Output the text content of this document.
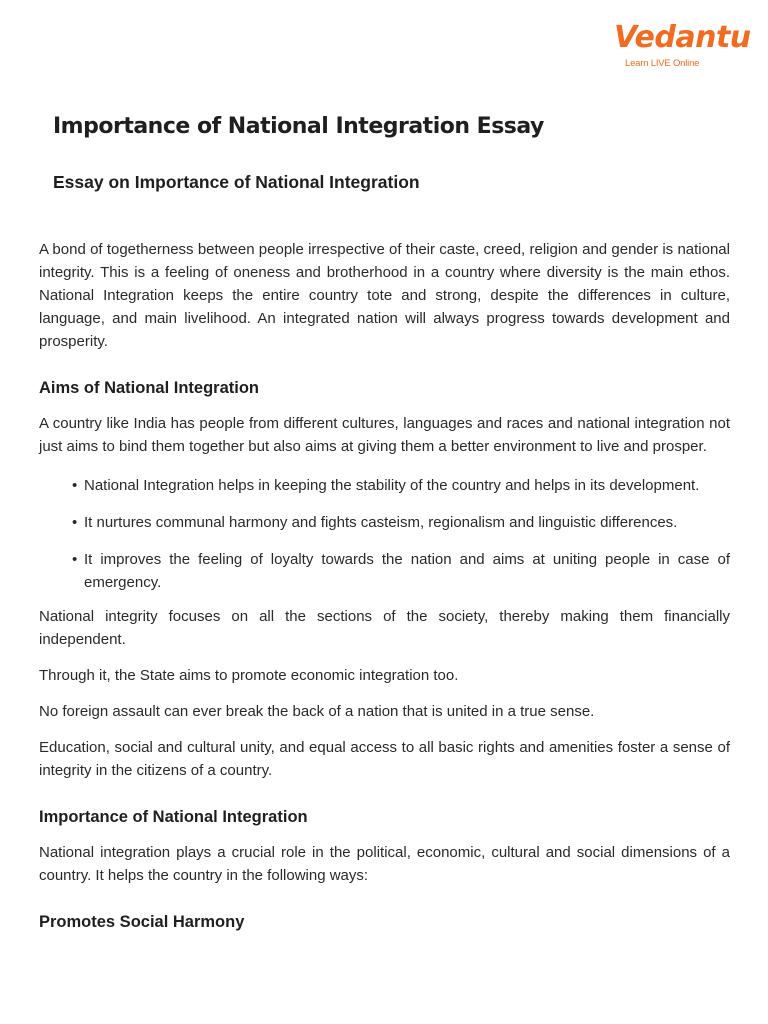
Vedantu
Learn LIVE Online
Importance of National Integration Essay
Essay on Importance of National Integration

A bond of togetherness between people irrespective of their caste, creed, religion and gender is national integrity. This is a feeling of oneness and brotherhood in a country where diversity is the main ethos. National Integration keeps the entire country tote and strong, despite the differences in culture, language, and main livelihood. An integrated nation will always progress towards development and prosperity.

Aims of National Integration

A country like India has people from different cultures, languages and races and national integration not just aims to bind them together but also aims at giving them a better environment to live and prosper.

• National Integration helps in keeping the stability of the country and helps in its development.
• It nurtures communal harmony and fights casteism, regionalism and linguistic differences.
• It improves the feeling of loyalty towards the nation and aims at uniting people in case of emergency.

National integrity focuses on all the sections of the society, thereby making them financially independent.

Through it, the State aims to promote economic integration too.

No foreign assault can ever break the back of a nation that is united in a true sense.

Education, social and cultural unity, and equal access to all basic rights and amenities foster a sense of integrity in the citizens of a country.

Importance of National Integration

National integration plays a crucial role in the political, economic, cultural and social dimensions of a country. It helps the country in the following ways:

Promotes Social Harmony
